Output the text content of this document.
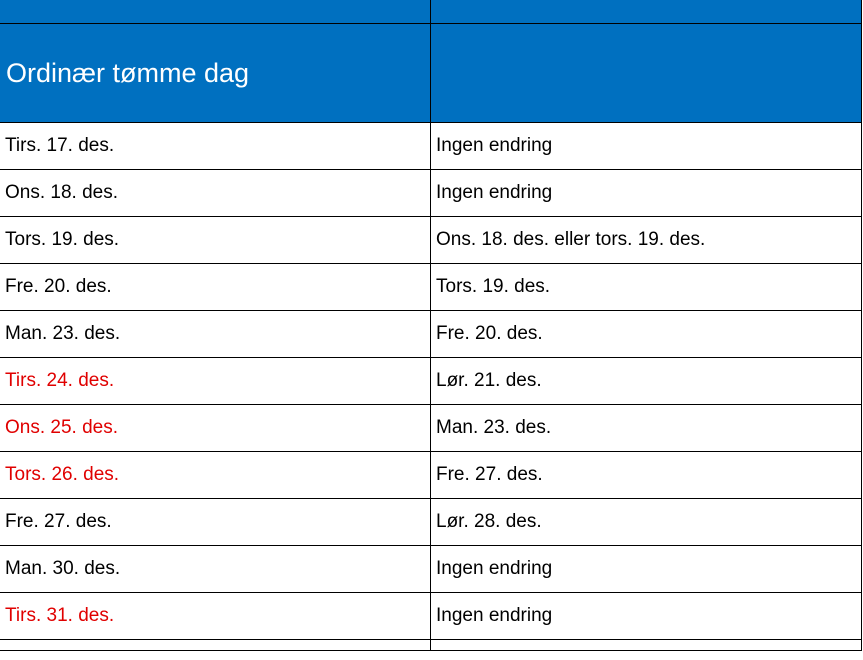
Ordinær tømme dag	
Tirs. 17. des.	Ingen endring
Ons. 18. des.	Ingen endring
Tors. 19. des.	Ons. 18. des. eller tors. 19. des.
Fre. 20. des.	Tors. 19. des.
Man. 23. des.	Fre. 20. des.
Tirs. 24. des.	Lør. 21. des.
Ons. 25. des.	Man. 23. des.
Tors. 26. des.	Fre. 27. des.
Fre. 27. des.	Lør. 28. des.
Man. 30. des.	Ingen endring
Tirs. 31. des.	Ingen endring
